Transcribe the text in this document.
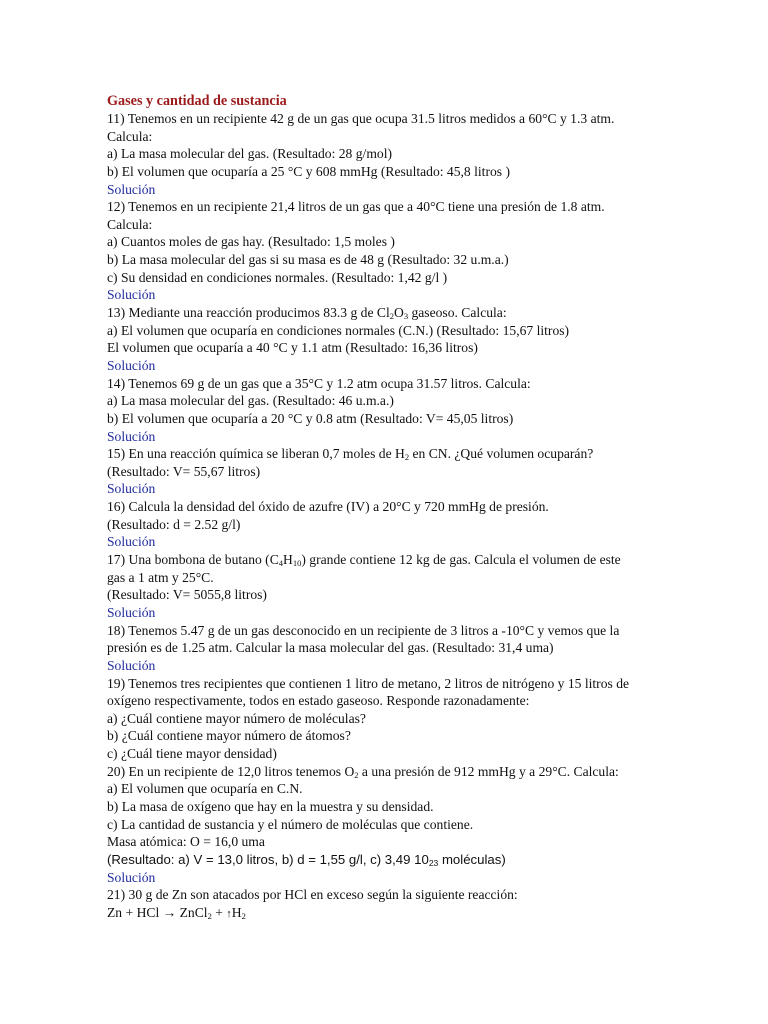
Gases y cantidad de sustancia
11) Tenemos en un recipiente 42 g de un gas que ocupa 31.5 litros medidos a 60°C y 1.3 atm.
Calcula:
a) La masa molecular del gas. (Resultado: 28 g/mol)
b) El volumen que ocuparía a 25 °C y 608 mmHg (Resultado: 45,8 litros )
Solución
12) Tenemos en un recipiente 21,4 litros de un gas que a 40°C tiene una presión de 1.8 atm.
Calcula:
a) Cuantos moles de gas hay. (Resultado: 1,5 moles )
b) La masa molecular del gas si su masa es de 48 g (Resultado: 32 u.m.a.)
c) Su densidad en condiciones normales. (Resultado: 1,42 g/l )
Solución
13) Mediante una reacción producimos 83.3 g de $Cl_2O_3$ gaseoso. Calcula:
a) El volumen que ocuparía en condiciones normales (C.N.) (Resultado: 15,67 litros)
El volumen que ocuparía a 40 °C y 1.1 atm (Resultado: 16,36 litros)
Solución
14) Tenemos 69 g de un gas que a 35°C y 1.2 atm ocupa 31.57 litros. Calcula:
a) La masa molecular del gas. (Resultado: 46 u.m.a.)
b) El volumen que ocuparía a 20 °C y 0.8 atm (Resultado: V= 45,05 litros)
Solución
15) En una reacción química se liberan 0,7 moles de $H_2$ en CN. ¿Qué volumen ocuparán?
(Resultado: V= 55,67 litros)
Solución
16) Calcula la densidad del óxido de azufre (IV) a 20°C y 720 mmHg de presión.
(Resultado: d = 2.52 g/l)
Solución
17) Una bombona de butano $(C_4H_{10})$ grande contiene 12 kg de gas. Calcula el volumen de este
gas a 1 atm y 25°C.
(Resultado: V= 5055,8 litros)
Solución
18) Tenemos 5.47 g de un gas desconocido en un recipiente de 3 litros a -10°C y vemos que la
presión es de 1.25 atm. Calcular la masa molecular del gas. (Resultado: 31,4 uma)
Solución
19) Tenemos tres recipientes que contienen 1 litro de metano, 2 litros de nitrógeno y 15 litros de
oxígeno respectivamente, todos en estado gaseoso. Responde razonadamente:
a) ¿Cuál contiene mayor número de moléculas?
b) ¿Cuál contiene mayor número de átomos?
c) ¿Cuál tiene mayor densidad)
20) En un recipiente de 12,0 litros tenemos $O_2$ a una presión de 912 mmHg y a 29°C. Calcula:
a) El volumen que ocuparía en C.N.
b) La masa de oxígeno que hay en la muestra y su densidad.
c) La cantidad de sustancia y el número de moléculas que contiene.
Masa atómica: O = 16,0 uma
(Resultado: a) V = 13,0 litros, b) d = 1,55 g/l, c) 3,49 $10_{23}$ moléculas)
Solución
21) 30 g de Zn son atacados por HCl en exceso según la siguiente reacción:
Zn + HCl → ZnCl$_2$ + $↑H_2$
